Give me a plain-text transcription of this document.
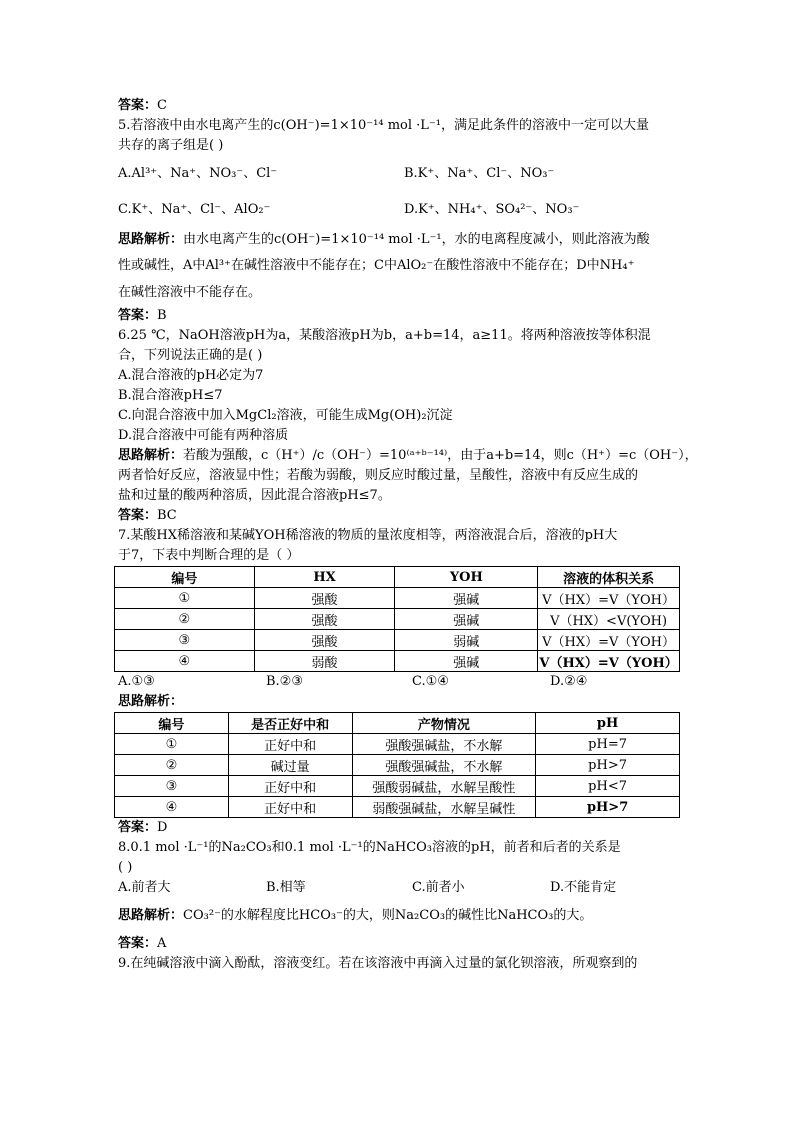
答案：C
5.若溶液中由水电离产生的c(OH⁻)=1×10⁻¹⁴ mol ·L⁻¹，满足此条件的溶液中一定可以大量
共存的离子组是( )
A.Al³⁺、Na⁺、NO₃⁻、Cl⁻	B.K⁺、Na⁺、Cl⁻、NO₃⁻
C.K⁺、Na⁺、Cl⁻、AlO₂⁻	D.K⁺、NH₄⁺、SO₄²⁻、NO₃⁻
思路解析：由水电离产生的c(OH⁻)=1×10⁻¹⁴ mol ·L⁻¹，水的电离程度减小，则此溶液为酸
性或碱性，A中Al³⁺在碱性溶液中不能存在；C中AlO₂⁻在酸性溶液中不能存在；D中NH₄⁺
在碱性溶液中不能存在。
答案：B
6.25 ℃，NaOH溶液pH为a，某酸溶液pH为b，a+b=14，a≥11。将两种溶液按等体积混
合，下列说法正确的是( )
A.混合溶液的pH必定为7
B.混合溶液pH≤7
C.向混合溶液中加入MgCl₂溶液，可能生成Mg(OH)₂沉淀
D.混合溶液中可能有两种溶质
思路解析：若酸为强酸，c（H⁺）/c（OH⁻）=10⁽ᵃ⁺ᵇ⁻¹⁴⁾，由于a+b=14，则c（H⁺）=c（OH⁻），
两者恰好反应，溶液显中性；若酸为弱酸，则反应时酸过量，呈酸性，溶液中有反应生成的
盐和过量的酸两种溶质，因此混合溶液pH≤7。
答案：BC
7.某酸HX稀溶液和某碱YOH稀溶液的物质的量浓度相等，两溶液混合后，溶液的pH大
于7，下表中判断合理的是（ ）
编号	HX	YOH	溶液的体积关系
①	强酸	强碱	V（HX）=V（YOH）
②	强酸	强碱	V（HX）<V(YOH)
③	强酸	弱碱	V（HX）=V（YOH）
④	弱酸	强碱	V（HX）=V（YOH）
A.①③	B.②③	C.①④	D.②④
思路解析：
编号	是否正好中和	产物情况	pH
①	正好中和	强酸强碱盐，不水解	pH=7
②	碱过量	强酸强碱盐，不水解	pH>7
③	正好中和	强酸弱碱盐，水解呈酸性	pH<7
④	正好中和	弱酸强碱盐，水解呈碱性	pH>7
答案：D
8.0.1 mol ·L⁻¹的Na₂CO₃和0.1 mol ·L⁻¹的NaHCO₃溶液的pH，前者和后者的关系是
( )
A.前者大	B.相等	C.前者小	D.不能肯定
思路解析：CO₃²⁻的水解程度比HCO₃⁻的大，则Na₂CO₃的碱性比NaHCO₃的大。
答案：A
9.在纯碱溶液中滴入酚酞，溶液变红。若在该溶液中再滴入过量的氯化钡溶液，所观察到的
